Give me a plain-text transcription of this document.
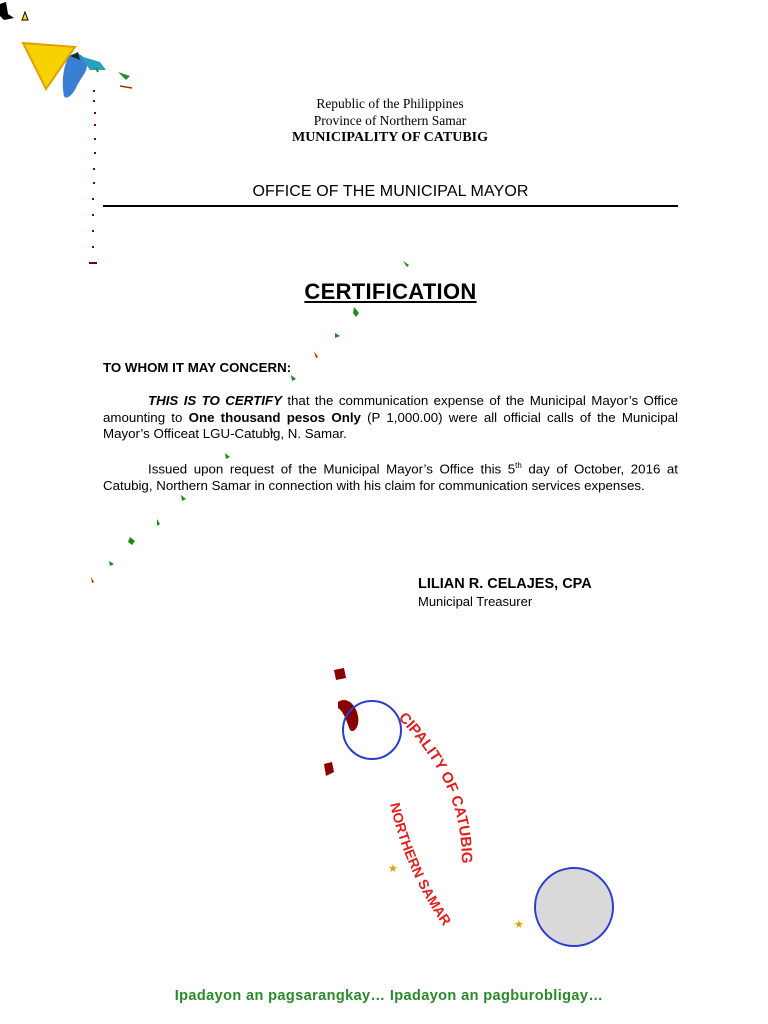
Republic of the Philippines
Province of Northern Samar
MUNICIPALITY OF CATUBIG
OFFICE OF THE MUNICIPAL MAYOR
CERTIFICATION
TO WHOM IT MAY CONCERN:
THIS IS TO CERTIFY that the communication expense of the Municipal Mayor’s Office amounting to One thousand pesos Only (P 1,000.00) were all official calls of the Municipal Mayor’s Officeat LGU-Catubig, N. Samar.
Issued upon request of the Municipal Mayor’s Office this 5th day of October, 2016 at Catubig, Northern Samar in connection with his claim for communication services expenses.
LILIAN R. CELAJES, CPA
Municipal Treasurer
CIPALITY OF CATUBIG
NORTHERN SAMAR
★
★
Ipadayon an pagsarangkay… Ipadayon an pagburobligay…
